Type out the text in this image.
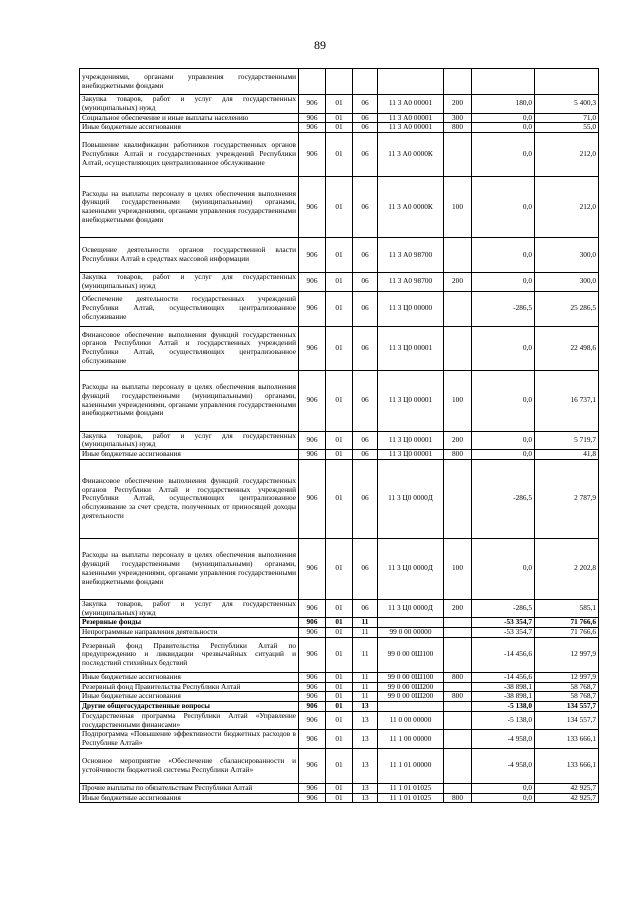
89
учреждениями, органами управления государственными внебюджетными фондами							
Закупка товаров, работ и услуг для государственных (муниципальных) нужд	906	01	06	11 3 А0 00001	200	180,0	5 400,3
Социальное обеспечение и иные выплаты населению	906	01	06	11 3 А0 00001	300	0,0	71,0
Иные бюджетные ассигнования	906	01	06	11 3 А0 00001	800	0,0	55,0
Повышение квалификации работников государственных органов Республики Алтай и государственных учреждений Республики Алтай, осуществляющих централизованное обслуживание	906	01	06	11 3 А0 0000К		0,0	212,0
Расходы на выплаты персоналу в целях обеспечения выполнения функций государственными (муниципальными) органами, казенными учреждениями, органами управления государственными внебюджетными фондами	906	01	06	11 3 А0 0000К	100	0,0	212,0
Освещение деятельности органов государственной власти Республики Алтай в средствах массовой информации	906	01	06	11 3 А0 98700		0,0	300,0
Закупка товаров, работ и услуг для государственных (муниципальных) нужд	906	01	06	11 3 А0 98700	200	0,0	300,0
Обеспечение деятельности государственных учреждений Республики Алтай, осуществляющих централизованное обслуживание	906	01	06	11 3 Ц0 00000		-286,5	25 286,5
Финансовое обеспечение выполнения функций государственных органов Республики Алтай и государственных учреждений Республики Алтай, осуществляющих централизованное обслуживание	906	01	06	11 3 Ц0 00001		0,0	22 498,6
Расходы на выплаты персоналу в целях обеспечения выполнения функций государственными (муниципальными) органами, казенными учреждениями, органами управления государственными внебюджетными фондами	906	01	06	11 3 Ц0 00001	100	0,0	16 737,1
Закупка товаров, работ и услуг для государственных (муниципальных) нужд	906	01	06	11 3 Ц0 00001	200	0,0	5 719,7
Иные бюджетные ассигнования	906	01	06	11 3 Ц0 00001	800	0,0	41,8
Финансовое обеспечение выполнения функций государственных органов Республики Алтай и государственных учреждений Республики Алтай, осуществляющих централизованное обслуживание за счет средств, полученных от приносящей доходы деятельности	906	01	06	11 3 Ц0 0000Д		-286,5	2 787,9
Расходы на выплаты персоналу в целях обеспечения выполнения функций государственными (муниципальными) органами, казенными учреждениями, органами управления государственными внебюджетными фондами	906	01	06	11 3 Ц0 0000Д	100	0,0	2 202,8
Закупка товаров, работ и услуг для государственных (муниципальных) нужд	906	01	06	11 3 Ц0 0000Д	200	-286,5	585,1
Резервные фонды	906	01	11			-53 354,7	71 766,6
Непрограммные направления деятельности	906	01	11	99 0 00 00000		-53 354,7	71 766,6
Резервный фонд Правительства Республики Алтай по предупреждению и ликвидации чрезвычайных ситуаций и последствий стихийных бедствий	906	01	11	99 0 00 0Ш100		-14 456,6	12 997,9
Иные бюджетные ассигнования	906	01	11	99 0 00 0Ш100	800	-14 456,6	12 997,9
Резервный фонд Правительства Республики Алтай	906	01	11	99 0 00 0Ш200		-38 898,1	58 768,7
Иные бюджетные ассигнования	906	01	11	99 0 00 0Ш200	800	-38 898,1	58 768,7
Другие общегосударственные вопросы	906	01	13			-5 138,0	134 557,7
Государственная программа Республики Алтай «Управление государственными финансами»	906	01	13	11 0 00 00000		-5 138,0	134 557,7
Подпрограмма «Повышение эффективности бюджетных расходов в Республике Алтай»	906	01	13	11 1 00 00000		-4 958,0	133 666,1
Основное мероприятие «Обеспечение сбалансированности и устойчивости бюджетной системы Республики Алтай»	906	01	13	11 1 01 00000		-4 958,0	133 666,1
Прочие выплаты по обязательствам Республики Алтай	906	01	13	11 1 01 01025		0,0	42 925,7
Иные бюджетные ассигнования	906	01	13	11 1 01 01025	800	0,0	42 925,7
